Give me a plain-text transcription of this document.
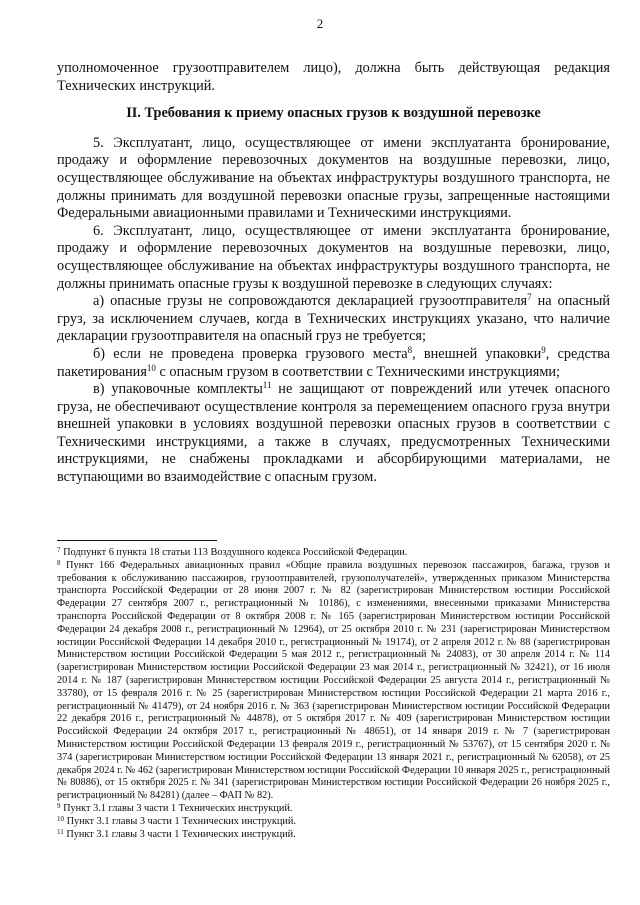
2

уполномоченное грузоотправителем лицо), должна быть действующая редакция Технических инструкций.

II. Требования к приему опасных грузов к воздушной перевозке

5. Эксплуатант, лицо, осуществляющее от имени эксплуатанта бронирование, продажу и оформление перевозочных документов на воздушные перевозки, лицо, осуществляющее обслуживание на объектах инфраструктуры воздушного транспорта, не должны принимать для воздушной перевозки опасные грузы, запрещенные настоящими Федеральными авиационными правилами и Техническими инструкциями.

6. Эксплуатант, лицо, осуществляющее от имени эксплуатанта бронирование, продажу и оформление перевозочных документов на воздушные перевозки, лицо, осуществляющее обслуживание на объектах инфраструктуры воздушного транспорта, не должны принимать опасные грузы к воздушной перевозке в следующих случаях:

а) опасные грузы не сопровождаются декларацией грузоотправителя$^7$ на опасный груз, за исключением случаев, когда в Технических инструкциях указано, что наличие декларации грузоотправителя на опасный груз не требуется;

б) если не проведена проверка грузового места$^8$, внешней упаковки$^9$, средства пакетирования$^{10}$ с опасным грузом в соответствии с Техническими инструкциями;

в) упаковочные комплекты$^{11}$ не защищают от повреждений или утечек опасного груза, не обеспечивают осуществление контроля за перемещением опасного груза внутри внешней упаковки в условиях воздушной перевозки опасных грузов в соответствии с Техническими инструкциями, а также в случаях, предусмотренных Техническими инструкциями, не снабжены прокладками и абсорбирующими материалами, не вступающими во взаимодействие с опасным грузом.

$^7$ Подпункт 6 пункта 18 статьи 113 Воздушного кодекса Российской Федерации.

$^8$ Пункт 166 Федеральных авиационных правил «Общие правила воздушных перевозок пассажиров, багажа, грузов и требования к обслуживанию пассажиров, грузоотправителей, грузополучателей», утвержденных приказом Министерства транспорта Российской Федерации от 28 июня 2007 г. № 82 (зарегистрирован Министерством юстиции Российской Федерации 27 сентября 2007 г., регистрационный № 10186), с изменениями, внесенными приказами Министерства транспорта Российской Федерации от 8 октября 2008 г. № 165 (зарегистрирован Министерством юстиции Российской Федерации 24 декабря 2008 г., регистрационный № 12964), от 25 октября 2010 г. № 231 (зарегистрирован Министерством юстиции Российской Федерации 14 декабря 2010 г., регистрационный № 19174), от 2 апреля 2012 г. № 88 (зарегистрирован Министерством юстиции Российской Федерации 5 мая 2012 г., регистрационный № 24083), от 30 апреля 2014 г. № 114 (зарегистрирован Министерством юстиции Российской Федерации 23 мая 2014 г., регистрационный № 32421), от 16 июля 2014 г. № 187 (зарегистрирован Министерством юстиции Российской Федерации 25 августа 2014 г., регистрационный № 33780), от 15 февраля 2016 г. № 25 (зарегистрирован Министерством юстиции Российской Федерации 21 марта 2016 г., регистрационный № 41479), от 24 ноября 2016 г. № 363 (зарегистрирован Министерством юстиции Российской Федерации 22 декабря 2016 г., регистрационный № 44878), от 5 октября 2017 г. № 409 (зарегистрирован Министерством юстиции Российской Федерации 24 октября 2017 г., регистрационный № 48651), от 14 января 2019 г. № 7 (зарегистрирован Министерством юстиции Российской Федерации 13 февраля 2019 г., регистрационный № 53767), от 15 сентября 2020 г. № 374 (зарегистрирован Министерством юстиции Российской Федерации 13 января 2021 г., регистрационный № 62058), от 25 декабря 2024 г. № 462 (зарегистрирован Министерством юстиции Российской Федерации 10 января 2025 г., регистрационный № 80886), от 15 октября 2025 г. № 341 (зарегистрирован Министерством юстиции Российской Федерации 26 ноября 2025 г., регистрационный № 84281) (далее – ФАП № 82).

$^9$ Пункт 3.1 главы 3 части 1 Технических инструкций.

$^{10}$ Пункт 3.1 главы 3 части 1 Технических инструкций.

$^{11}$ Пункт 3.1 главы 3 части 1 Технических инструкций.
